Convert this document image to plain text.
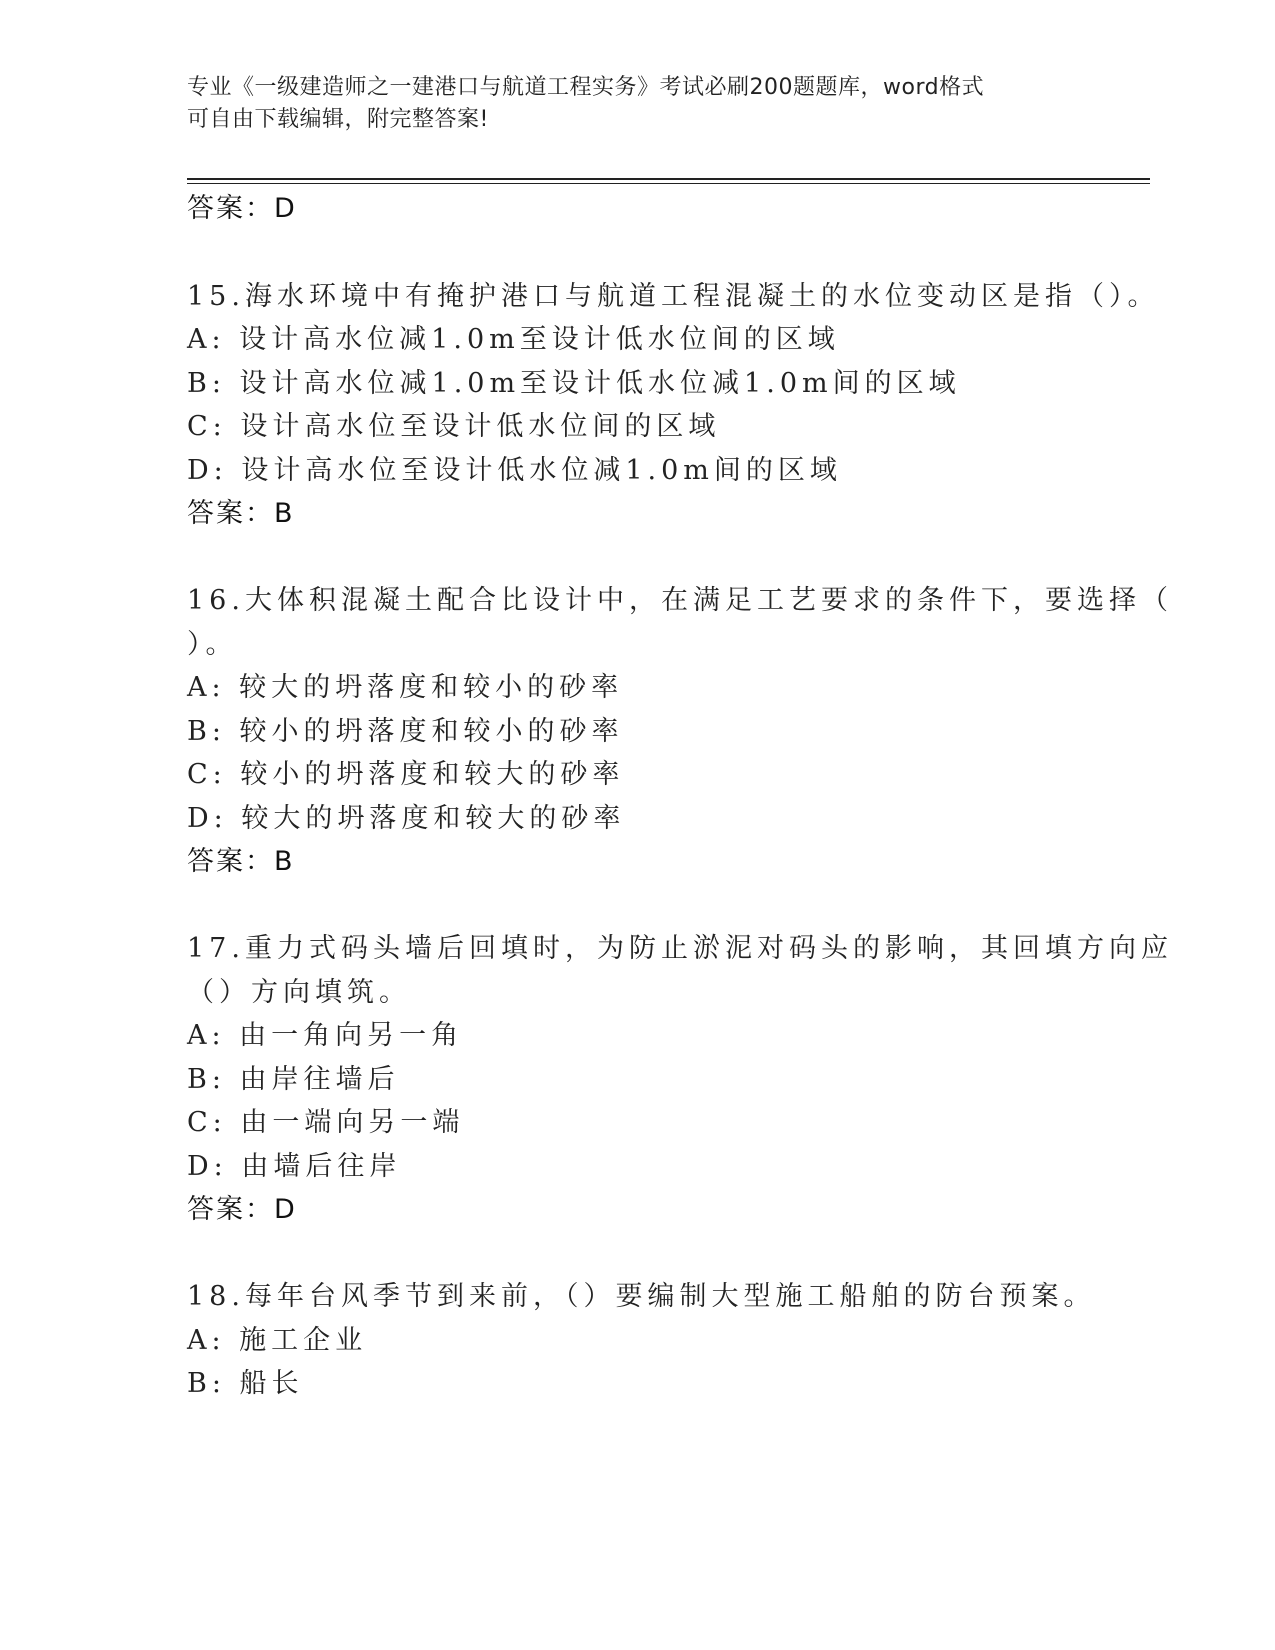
专业《一级建造师之一建港口与航道工程实务》考试必刷200题题库，word格式
可自由下载编辑，附完整答案!
答案：D
15.海水环境中有掩护港口与航道工程混凝土的水位变动区是指（）。
A: 设计高水位减1.0m至设计低水位间的区域
B: 设计高水位减1.0m至设计低水位减1.0m间的区域
C: 设计高水位至设计低水位间的区域
D: 设计高水位至设计低水位减1.0m间的区域
答案：B
16.大体积混凝土配合比设计中，在满足工艺要求的条件下，要选择（
）。
A: 较大的坍落度和较小的砂率
B: 较小的坍落度和较小的砂率
C: 较小的坍落度和较大的砂率
D: 较大的坍落度和较大的砂率
答案：B
17.重力式码头墙后回填时，为防止淤泥对码头的影响，其回填方向应
（）方向填筑。
A: 由一角向另一角
B: 由岸往墙后
C: 由一端向另一端
D: 由墙后往岸
答案：D
18.每年台风季节到来前，（）要编制大型施工船舶的防台预案。
A: 施工企业
B: 船长
